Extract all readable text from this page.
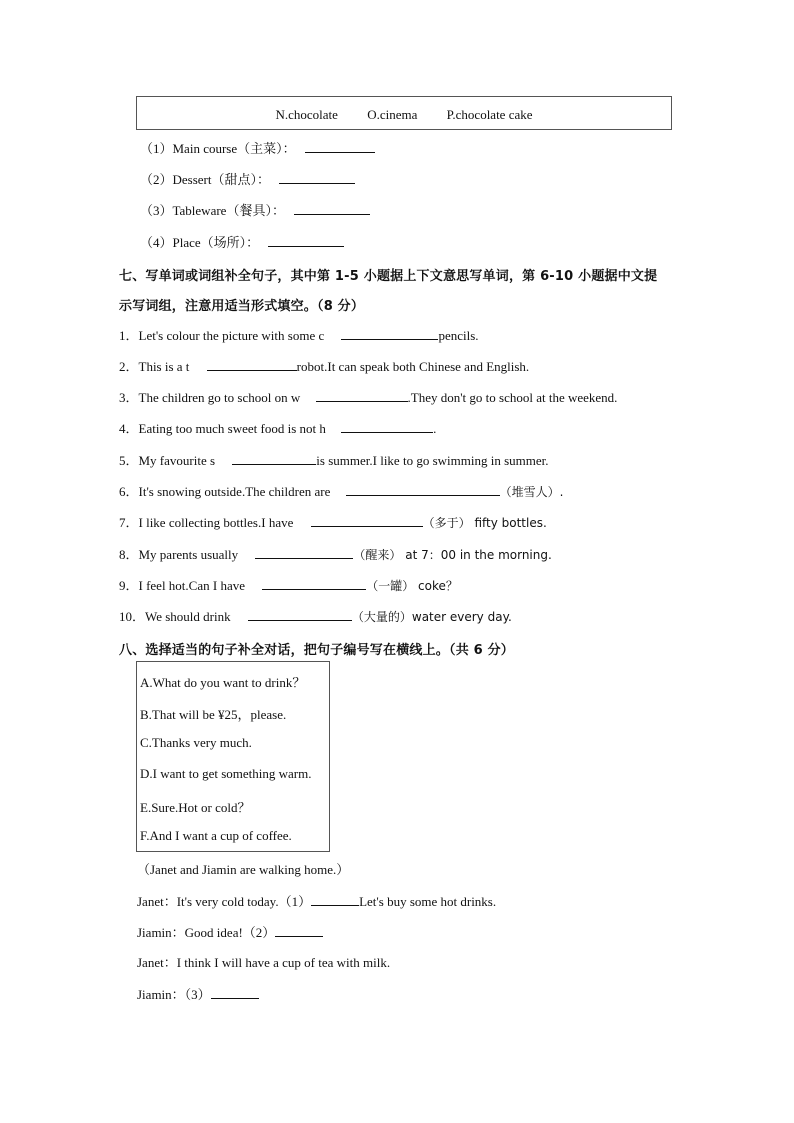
N.chocolate O.cinema P.chocolate cake
（1）Main course（主菜）：
（2）Dessert（甜点）：
（3）Tableware（餐具）：
（4）Place（场所）：
七、写单词或词组补全句子，其中第 1-5 小题据上下文意思写单词，第 6-10 小题据中文提
示写词组，注意用适当形式填空。（8 分）
1．Let's colour the picture with some c	pencils.
2．This is a t	robot.It can speak both Chinese and English.
3．The children go to school on w	.They don't go to school at the weekend.
4．Eating too much sweet food is not h	.
5．My favourite s	is summer.I like to go swimming in summer.
6．It's snowing outside.The children are	（堆雪人）.
7．I like collecting bottles.I have	（多于） fifty bottles.
8．My parents usually	（醒来） at 7：00 in the morning.
9．I feel hot.Can I have	（一罐） coke？
10．We should drink	（大量的）water every day.
八、选择适当的句子补全对话，把句子编号写在横线上。（共 6 分）
A.What do you want to drink？
B.That will be ¥25，please.
C.Thanks very much.
D.I want to get something warm.
E.Sure.Hot or cold？
F.And I want a cup of coffee.
（Janet and Jiamin are walking home.）
Janet：It's very cold today.（1）	Let's buy some hot drinks.
Jiamin：Good idea!（2）
Janet：I think I will have a cup of tea with milk.
Jiamin：（3）
